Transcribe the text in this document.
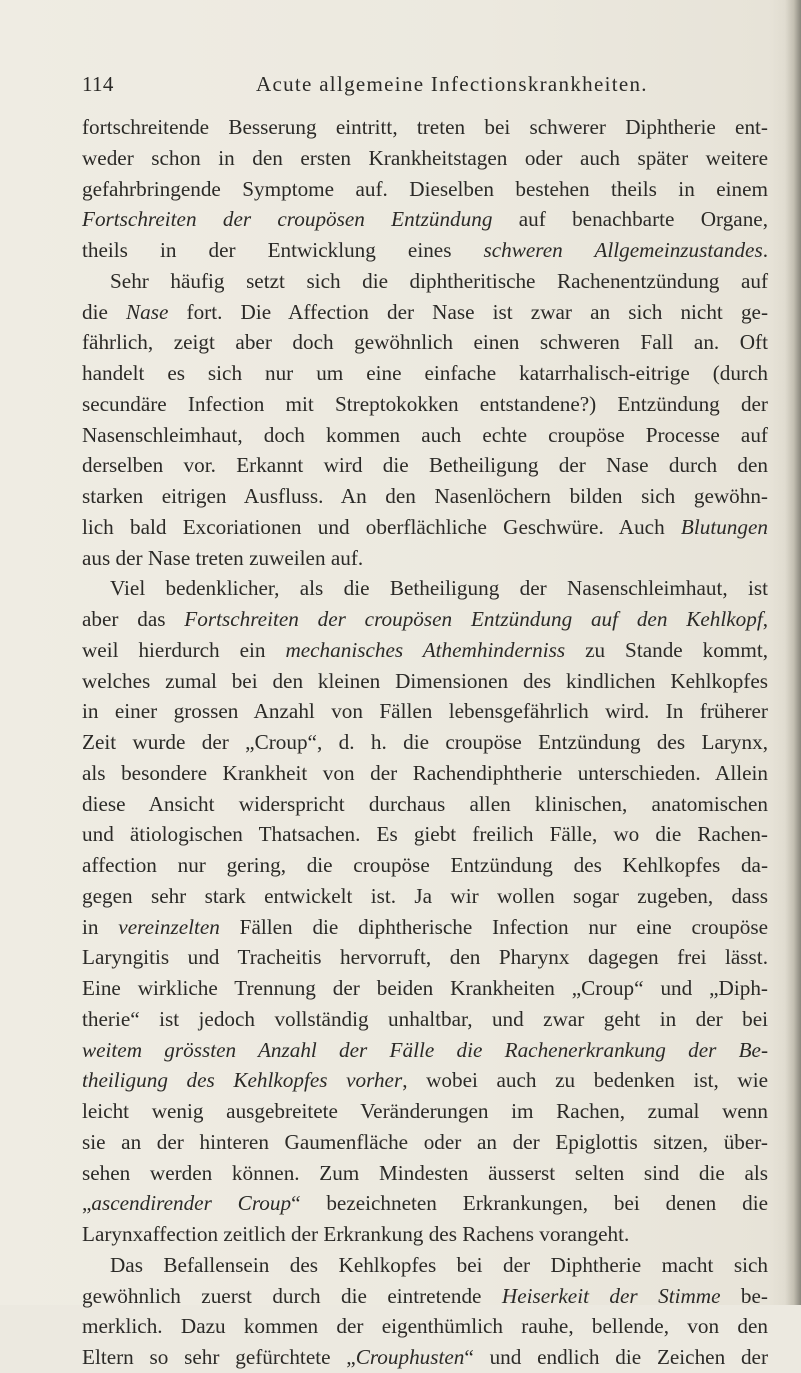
114	Acute allgemeine Infectionskrankheiten.
fortschreitende Besserung eintritt, treten bei schwerer Diphtherie ent-
weder schon in den ersten Krankheitstagen oder auch später weitere
gefahrbringende Symptome auf. Dieselben bestehen theils in einem
Fortschreiten der croupösen Entzündung auf benachbarte Organe,
theils in der Entwicklung eines schweren Allgemeinzustandes.
Sehr häufig setzt sich die diphtheritische Rachenentzündung auf
die Nase fort. Die Affection der Nase ist zwar an sich nicht ge-
fährlich, zeigt aber doch gewöhnlich einen schweren Fall an. Oft
handelt es sich nur um eine einfache katarrhalisch-eitrige (durch
secundäre Infection mit Streptokokken entstandene?) Entzündung der
Nasenschleimhaut, doch kommen auch echte croupöse Processe auf
derselben vor. Erkannt wird die Betheiligung der Nase durch den
starken eitrigen Ausfluss. An den Nasenlöchern bilden sich gewöhn-
lich bald Excoriationen und oberflächliche Geschwüre. Auch Blutungen
aus der Nase treten zuweilen auf.
Viel bedenklicher, als die Betheiligung der Nasenschleimhaut, ist
aber das Fortschreiten der croupösen Entzündung auf den Kehlkopf,
weil hierdurch ein mechanisches Athemhinderniss zu Stande kommt,
welches zumal bei den kleinen Dimensionen des kindlichen Kehlkopfes
in einer grossen Anzahl von Fällen lebensgefährlich wird. In früherer
Zeit wurde der „Croup“, d. h. die croupöse Entzündung des Larynx,
als besondere Krankheit von der Rachendiphtherie unterschieden. Allein
diese Ansicht widerspricht durchaus allen klinischen, anatomischen
und ätiologischen Thatsachen. Es giebt freilich Fälle, wo die Rachen-
affection nur gering, die croupöse Entzündung des Kehlkopfes da-
gegen sehr stark entwickelt ist. Ja wir wollen sogar zugeben, dass
in vereinzelten Fällen die diphtherische Infection nur eine croupöse
Laryngitis und Tracheitis hervorruft, den Pharynx dagegen frei lässt.
Eine wirkliche Trennung der beiden Krankheiten „Croup“ und „Diph-
therie“ ist jedoch vollständig unhaltbar, und zwar geht in der bei
weitem grössten Anzahl der Fälle die Rachenerkrankung der Be-
theiligung des Kehlkopfes vorher, wobei auch zu bedenken ist, wie
leicht wenig ausgebreitete Veränderungen im Rachen, zumal wenn
sie an der hinteren Gaumenfläche oder an der Epiglottis sitzen, über-
sehen werden können. Zum Mindesten äusserst selten sind die als
„ascendirender Croup“ bezeichneten Erkrankungen, bei denen die
Larynxaffection zeitlich der Erkrankung des Rachens vorangeht.
Das Befallensein des Kehlkopfes bei der Diphtherie macht sich
gewöhnlich zuerst durch die eintretende Heiserkeit der Stimme be-
merklich. Dazu kommen der eigenthümlich rauhe, bellende, von den
Eltern so sehr gefürchtete „Crouphusten“ und endlich die Zeichen der
